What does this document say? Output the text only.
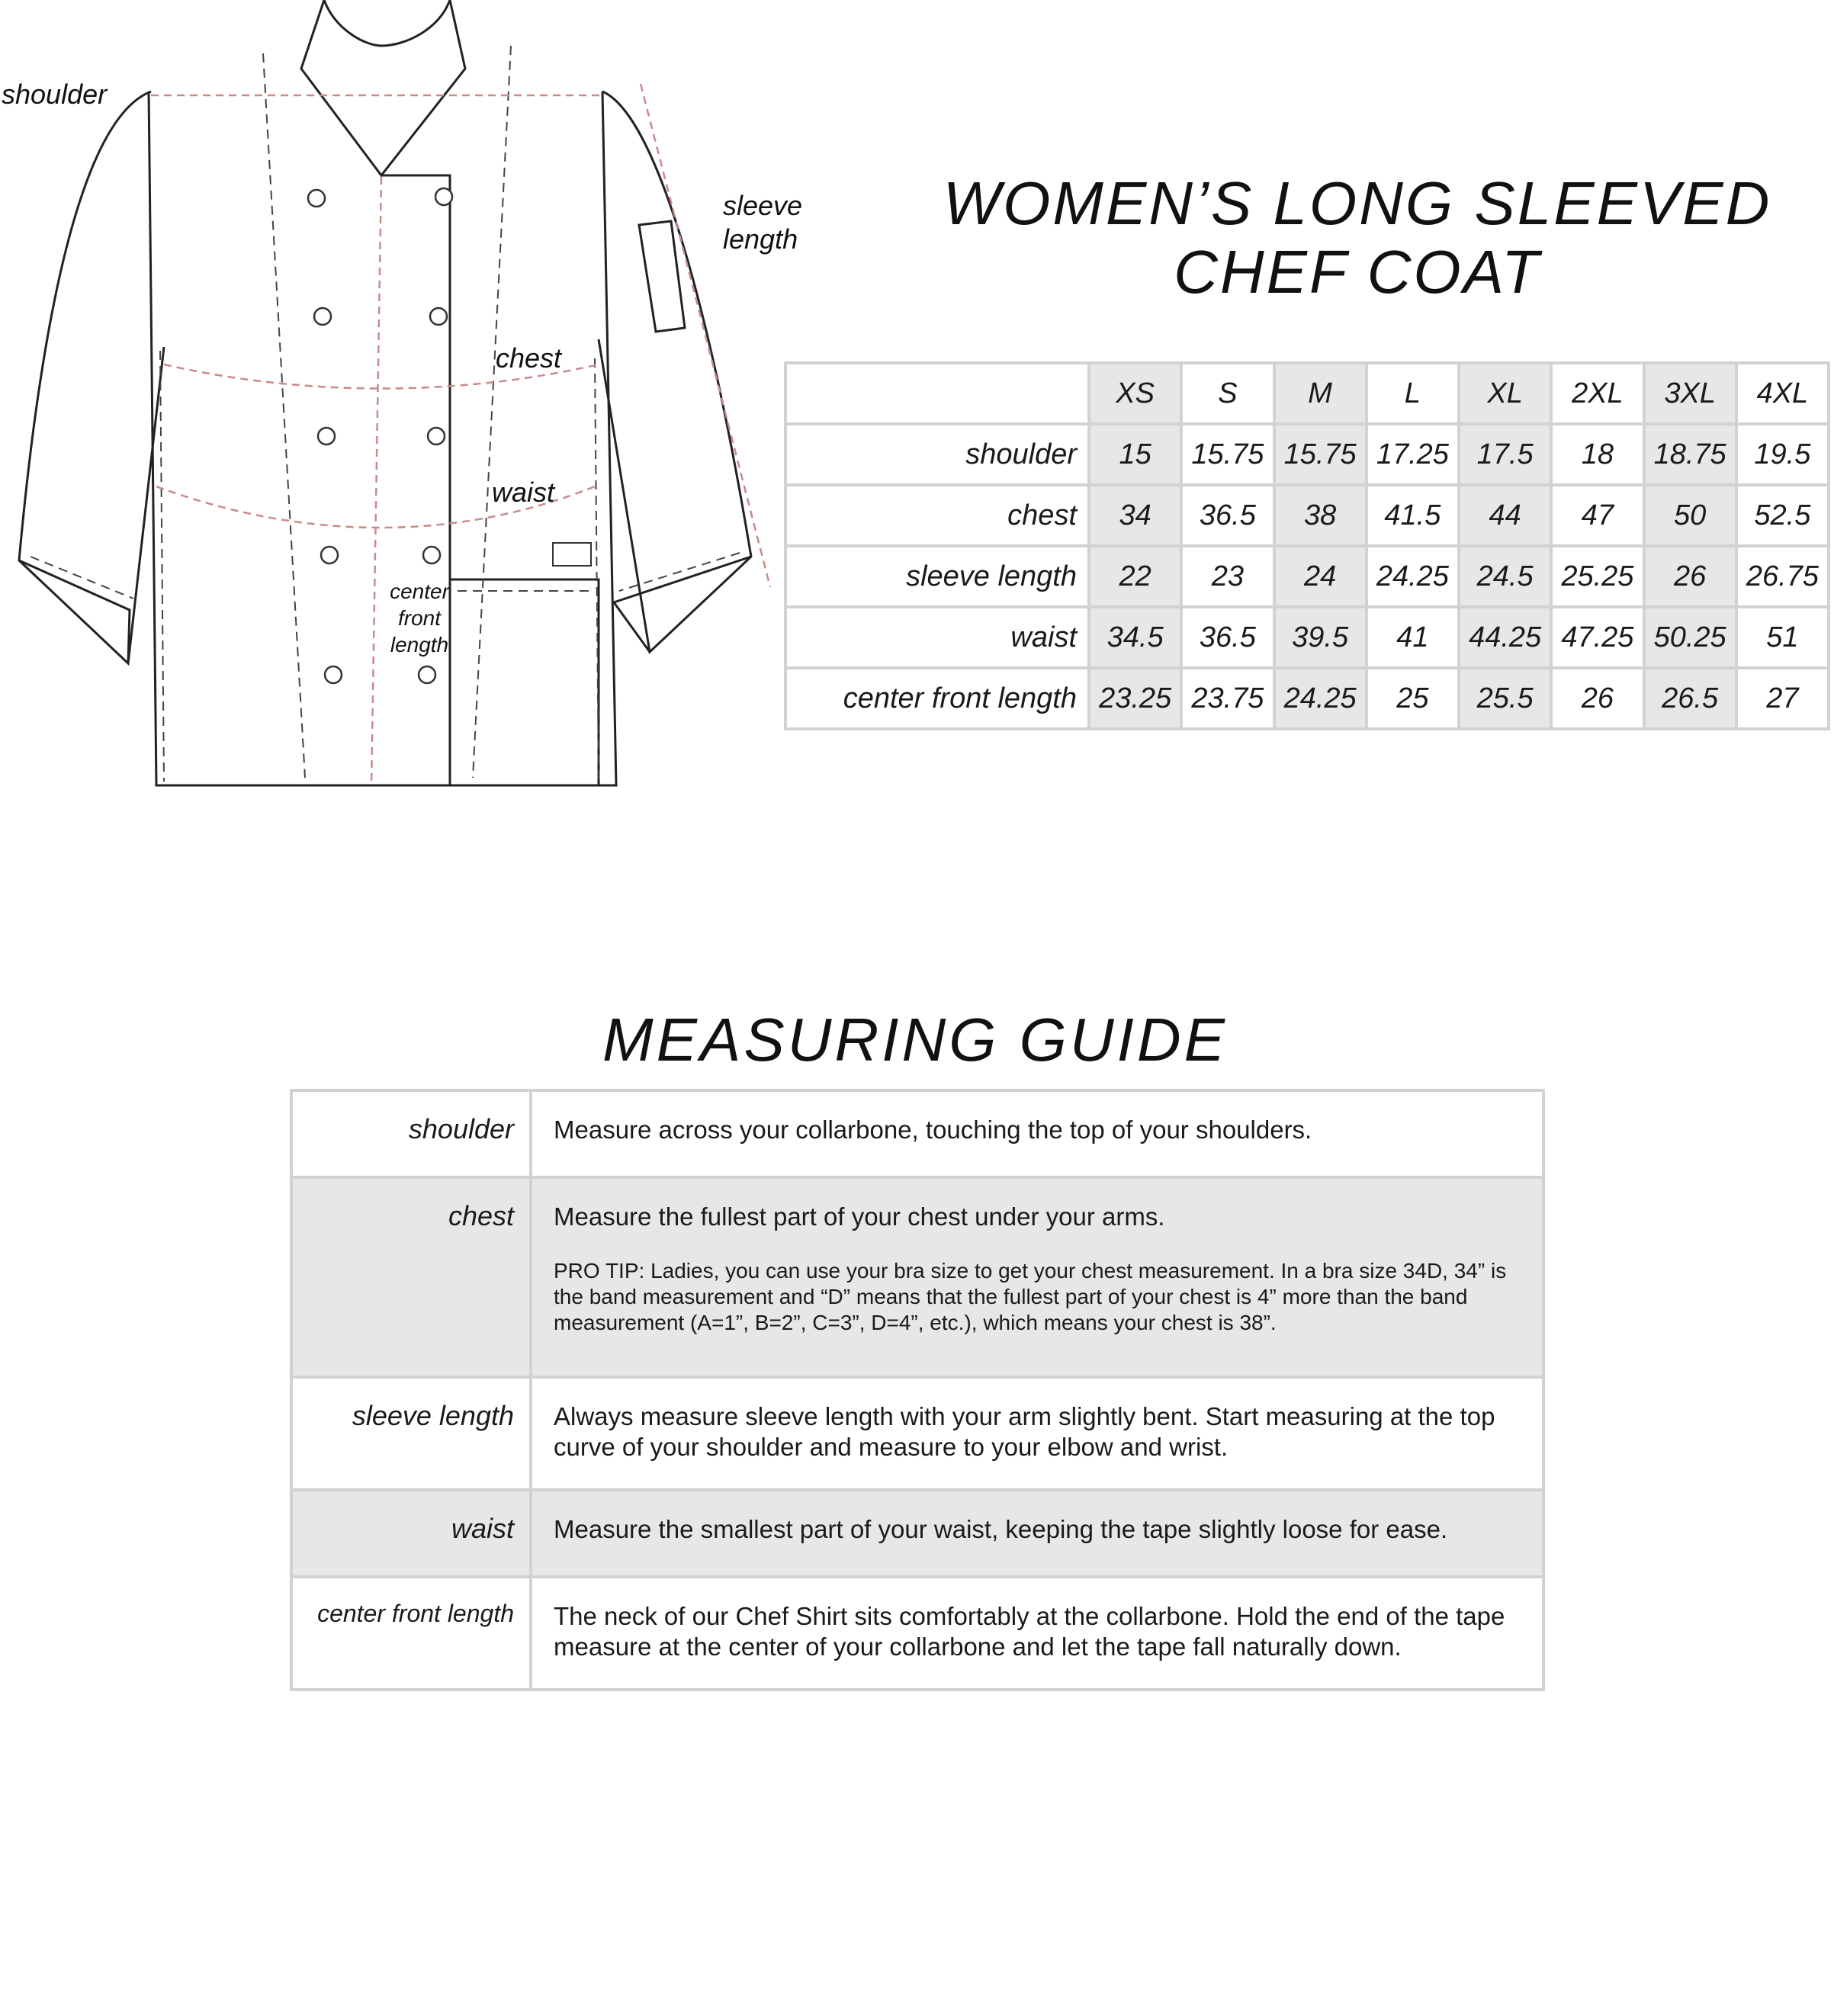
shoulder
sleeve
length
chest
waist
center
front
length
WOMEN’S LONG SLEEVED
CHEF COAT
	XS	S	M	L	XL	2XL	3XL	4XL
shoulder	15	15.75	15.75	17.25	17.5	18	18.75	19.5
chest	34	36.5	38	41.5	44	47	50	52.5
sleeve length	22	23	24	24.25	24.5	25.25	26	26.75
waist	34.5	36.5	39.5	41	44.25	47.25	50.25	51
center front length	23.25	23.75	24.25	25	25.5	26	26.5	27
MEASURING GUIDE
shoulder	Measure across your collarbone, touching the top of your shoulders.
chest	Measure the fullest part of your chest under your arms.
PRO TIP: Ladies, you can use your bra size to get your chest measurement. In a bra size 34D, 34” is the band measurement and “D” means that the fullest part of your chest is 4” more than the band measurement (A=1”, B=2”, C=3”, D=4”, etc.), which means your chest is 38”.

sleeve length	Always measure sleeve length with your arm slightly bent. Start measuring at the top curve of your shoulder and measure to your elbow and wrist.
waist	Measure the smallest part of your waist, keeping the tape slightly loose for ease.
center front length	The neck of our Chef Shirt sits comfortably at the collarbone. Hold the end of the tape measure at the center of your collarbone and let the tape fall naturally down.
